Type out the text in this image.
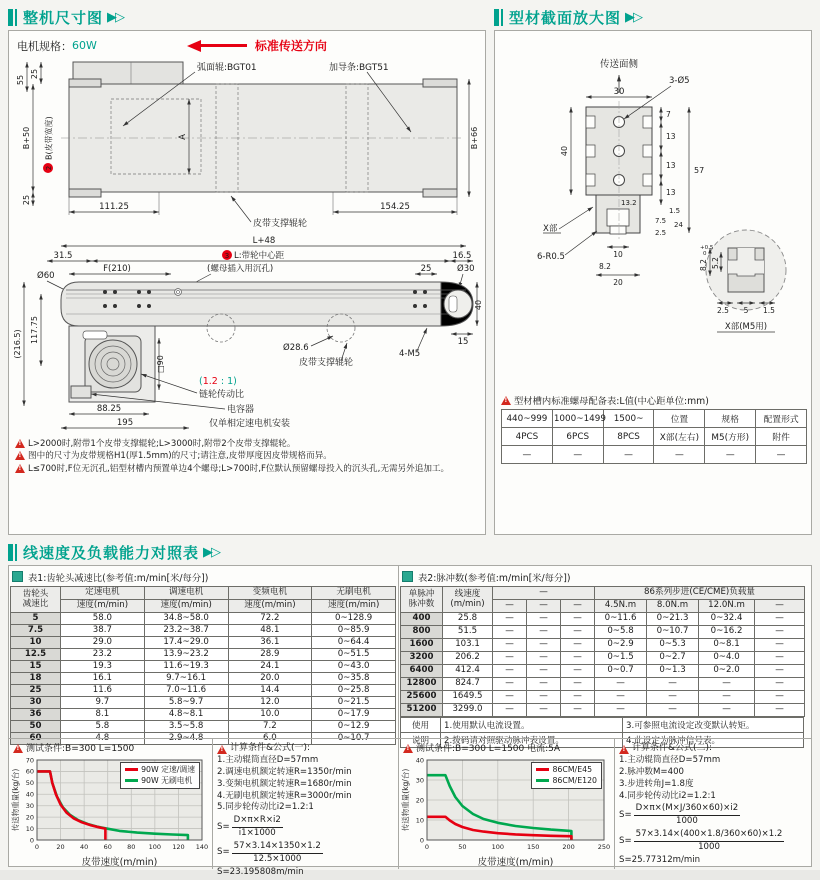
整机尺寸图 ▶▷
电机规格： 60W	标准传送方向
弧面辊:BGT01	加导条:BGT51
55
25
B+50
2
B(皮带宽度)
25
111.25	154.25
A	B+66
皮带支撑辊轮
L+48
31.5	3 L:带轮中心距	16.5
F(210)	(螺母插入用沉孔)	25	Ø30
Ø60
Ø28.6
皮带支撑辊轮
4-M5
40
15
117.75
(216.5)
□90
(1.2 : 1)
链轮传动比
电容器
仅单相定速电机安装
88.25
195
!
L>2000时,附带1个皮带支撑辊轮;L>3000时,附带2个皮带支撑辊轮。
!
图中的尺寸为皮带规格H1(厚1.5mm)的尺寸;请注意,皮带厚度因皮带规格而异。
!
L≤700时,F位无沉孔,铝型材槽内预置单边4个螺母;L>700时,F位默认预留螺母投入的沉头孔,无需另外追加工。
型材截面放大图 ▶▷
传送面侧
30
3-Ø5
40
7
13
13
13
57
13.2
1.5
7.5 24
2.5
10
8.2
20
X部
6-R0.5
8.2
+0.5
0
5.2
2.5 5 1.5
X部(M5用)
!
型材槽内标准螺母配备表:L值(中心距单位:mm)
440~999	1000~1499	1500~	位置	规格	配置形式
4PCS	6PCS	8PCS	X部(左右)	M5(方形)	附件
—	—	—	—	—	—
线速度及负载能力对照表 ▶▷
表1:齿轮头减速比(参考值:m/min[米/每分])
齿轮头
减速比	定速电机	调速电机	变频电机	无刷电机
	速度(m/min)	速度(m/min)	速度(m/min)	速度(m/min)
5	58.0	34.8~58.0	72.2	0~128.9
7.5	38.7	23.2~38.7	48.1	0~85.9
10	29.0	17.4~29.0	36.1	0~64.4
12.5	23.2	13.9~23.2	28.9	0~51.5
15	19.3	11.6~19.3	24.1	0~43.0
18	16.1	9.7~16.1	20.0	0~35.8
25	11.6	7.0~11.6	14.4	0~25.8
30	9.7	5.8~9.7	12.0	0~21.5
36	8.1	4.8~8.1	10.0	0~17.9
50	5.8	3.5~5.8	7.2	0~12.9
60	4.8	2.9~4.8	6.0	0~10.7
表2:脉冲数(参考值:m/min[米/每分])
单脉冲
脉冲数	线速度
(m/min)	—			86系列步进(CE/CME)负载量			
		—	—	—	4.5N.m	8.0N.m	12.0N.m	—
400	25.8	—	—	—	0~11.6	0~21.3	0~32.4	—
800	51.5	—	—	—	0~5.8	0~10.7	0~16.2	—
1600	103.1	—	—	—	0~2.9	0~5.3	0~8.1	—
3200	206.2	—	—	—	0~1.5	0~2.7	0~4.0	—
6400	412.4	—	—	—	0~0.7	0~1.3	0~2.0	—
12800	824.7	—	—	—	—	—	—	—
25600	1649.5	—	—	—	—	—	—	—
51200	3299.0	—	—	—	—	—	—	—
使用	1.使用默认电流设置。	3.可参照电流设定改变默认转矩。
说明	2.拨码请对照驱动脉冲表设置。	4.此设定为脉冲信号表。
!
测试条件:B=300 L=1500
0	20 40 60 80 100 120 140
0
10
20
30
40
50
60
70
皮带速度(m/min)
传送物重量(kg/台)	90W 定速/调速
90W 无刷电机
!
计算条件&公式(一):
1.主动辊筒直径D=57mm
2.调速电机额定转速R=1350r/min
3.变频电机额定转速R=1680r/min
4.无刷电机额定转速R=3000r/min
5.同步轮传动比i2=1.2:1
$S= \frac{D\times\pi\times R\times i2}{i1\times 1000}$
$S= \frac{57\times 3.14\times 1350\times 1.2}{12.5\times 1000}$
S=23.195808m/min
!
测试条件:B=300 L=1500 电流:5A
0	50	100	150	200	250
0
10
20
30
40
皮带速度(m/min)
传送物重量(kg/台)	86CM/E45
86CM/E120
!
计算条件&公式(二):
1.主动辊筒直径D=57mm
2.脉冲数M=400
3.步进转角J=1.8度
4.同步轮传动比i2=1.2:1
$S= \frac{D\times\pi\times(M\times J/360\times 60)\times i2}{1000}$
$S= \frac{57\times 3.14\times(400\times 1.8/360\times 60)\times 1.2}{1000}$
S=25.77312m/min
